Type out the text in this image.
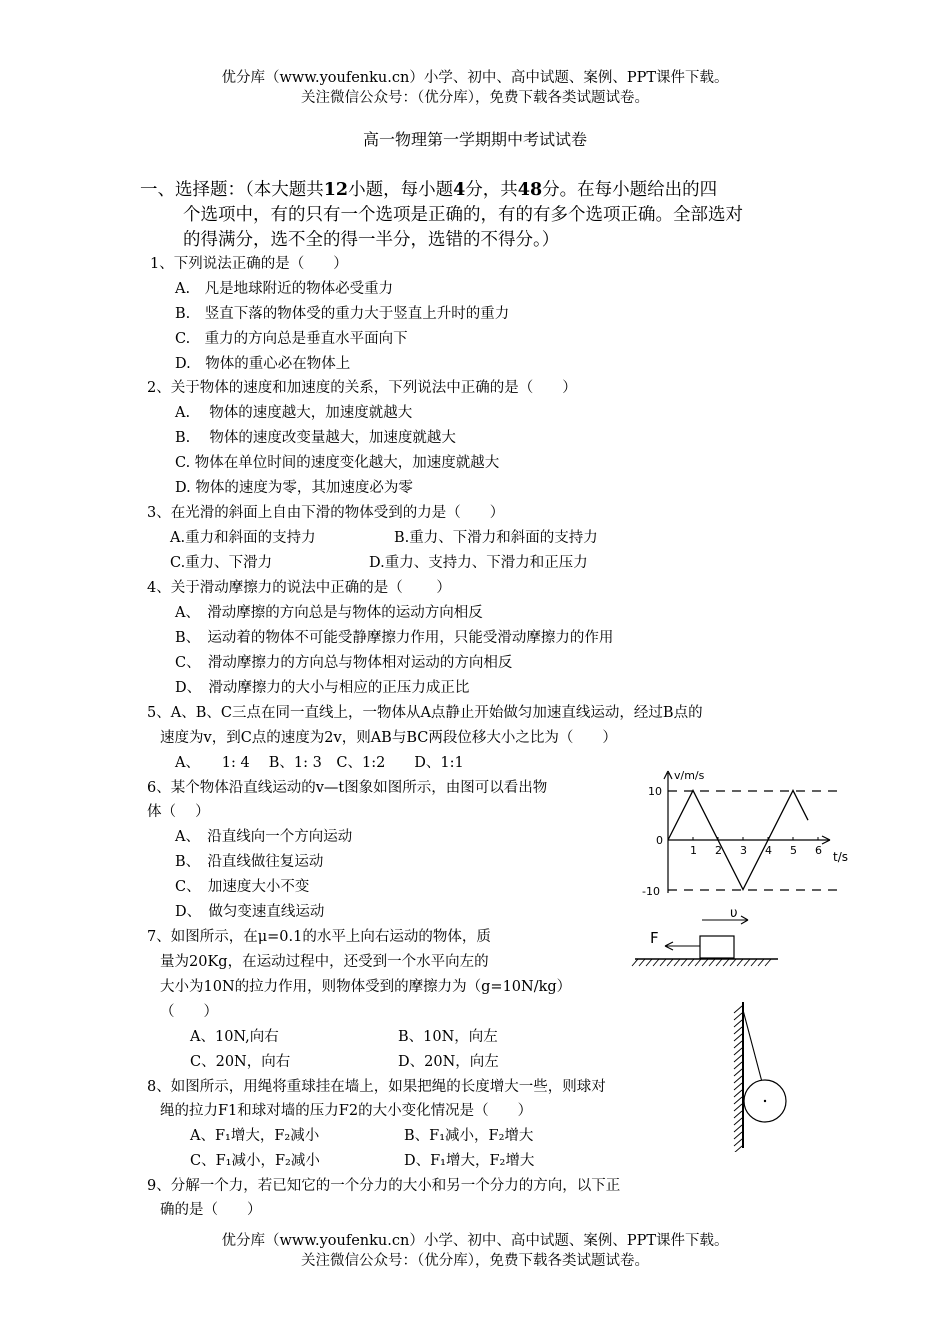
优分库（www.youfenku.cn）小学、初中、高中试题、案例、PPT课件下载。
关注微信公众号：（优分库），免费下载各类试题试卷。
高一物理第一学期期中考试试卷
一、选择题：（本大题共12小题，每小题4分，共48分。在每小题给出的四
个选项中，有的只有一个选项是正确的，有的有多个选项正确。全部选对
的得满分，选不全的得一半分，选错的不得分。）
1、下列说法正确的是（　　）
A.　凡是地球附近的物体必受重力
B.　竖直下落的物体受的重力大于竖直上升时的重力
C.　重力的方向总是垂直水平面向下
D.　物体的重心必在物体上
2、关于物体的速度和加速度的关系，下列说法中正确的是（　　）
A.　 物体的速度越大，加速度就越大
B.　 物体的速度改变量越大，加速度就越大
C. 物体在单位时间的速度变化越大，加速度就越大
D. 物体的速度为零，其加速度必为零
3、在光滑的斜面上自由下滑的物体受到的力是（　　）
A.重力和斜面的支持力	B.重力、下滑力和斜面的支持力
C.重力、下滑力	D.重力、支持力、下滑力和正压力
4、关于滑动摩擦力的说法中正确的是（　　 ）
A、　滑动摩擦的方向总是与物体的运动方向相反
B、　运动着的物体不可能受静摩擦力作用，只能受滑动摩擦力的作用
C、　滑动摩擦力的方向总与物体相对运动的方向相反
D、　滑动摩擦力的大小与相应的正压力成正比
5、A、B、C三点在同一直线上，一物体从A点静止开始做匀加速直线运动，经过B点的
速度为v，到C点的速度为2v，则AB与BC两段位移大小之比为（　　）
A、　　1: 4　 B、1: 3　C、1:2　　D、1:1
6、某个物体沿直线运动的v—t图象如图所示，由图可以看出物
体（　 ）
A、　沿直线向一个方向运动
B、　沿直线做往复运动
C、　加速度大小不变
D、　做匀变速直线运动
1 2 3 4 5 6
v/m/s
t/s
10
0
-10
7、如图所示，在μ=0.1的水平上向右运动的物体，质
量为20Kg，在运动过程中，还受到一个水平向左的
大小为10N的拉力作用，则物体受到的摩擦力为（g=10N/kg）
（　　）
A、10N,向右	B、10N，向左
C、20N，向右	D、20N，向左
υ
F
8、如图所示，用绳将重球挂在墙上，如果把绳的长度增大一些，则球对
绳的拉力F1和球对墙的压力F2的大小变化情况是（　　）
A、F₁增大，F₂减小	B、F₁减小，F₂增大
C、F₁减小，F₂减小	D、F₁增大，F₂增大
9、分解一个力，若已知它的一个分力的大小和另一个分力的方向，以下正
确的是（　　）
优分库（www.youfenku.cn）小学、初中、高中试题、案例、PPT课件下载。
关注微信公众号：（优分库），免费下载各类试题试卷。
